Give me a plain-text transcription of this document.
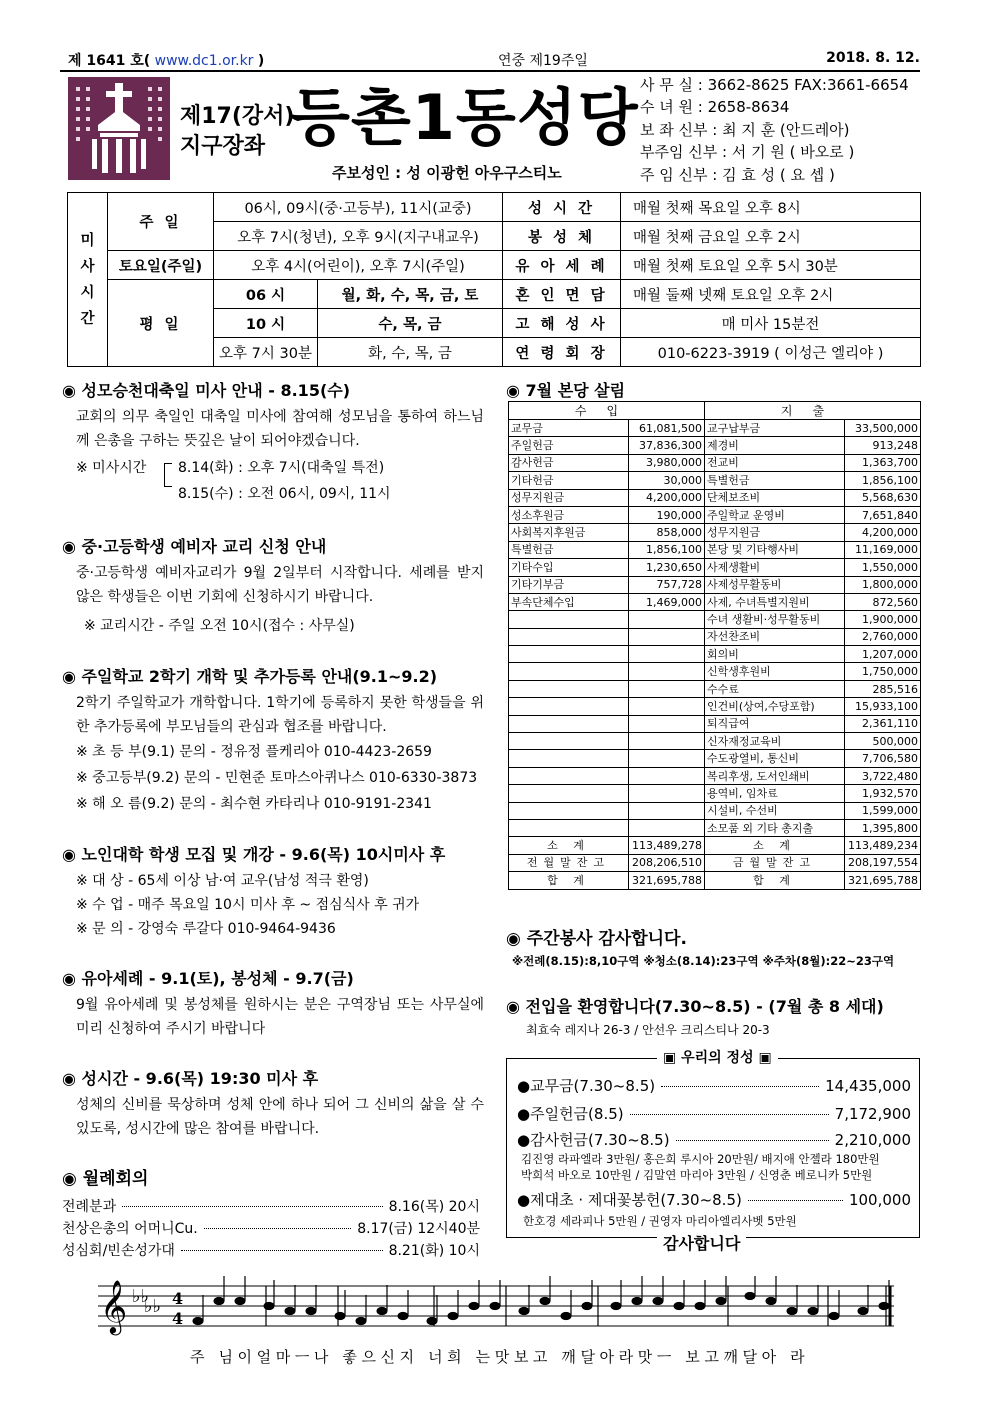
제 1641 호( www.dc1.or.kr )	연중 제19주일	2018. 8. 12.
제17(강서)
지구장좌 등촌1동성당
주보성인 : 성 이광헌 아우구스티노
사 무 실 : 3662-8625 FAX:3661-6654
수 녀 원 : 2658-8634
보 좌 신부 : 최 지 훈 (안드레아)
부주임 신부 : 서 기 원 ( 바오로 )
주 임 신부 : 김 효 성 ( 요 셉 )
미
사
시
간	주 일	06시, 09시(중·고등부), 11시(교중)		성 시 간	매월 첫째 목요일 오후 8시
		오후 7시(청년), 오후 9시(지구내교우)		봉 성 체	매월 첫째 금요일 오후 2시
	토요일(주일)	오후 4시(어린이), 오후 7시(주일)		유 아 세 례	매월 첫째 토요일 오후 5시 30분
	평 일	06 시	월, 화, 수, 목, 금, 토	혼 인 면 담	매월 둘째 넷째 토요일 오후 2시
		10 시	수, 목, 금	고 해 성 사	매 미사 15분전
		오후 7시 30분	화, 수, 목, 금	연 령 회 장	010-6223-3919 ( 이성근 엘리야 )
◉ 성모승천대축일 미사 안내 - 8.15(수)
교회의 의무 축일인 대축일 미사에 참여해 성모님을 통하여 하느님께 은총을 구하는 뜻깊은 날이 되어야겠습니다.
※ 미사시간 8.14(화) : 오후 7시(대축일 특전)
8.15(수) : 오전 06시, 09시, 11시
◉ 중·고등학생 예비자 교리 신청 안내
중·고등학생 예비자교리가 9월 2일부터 시작합니다. 세례를 받지 않은 학생들은 이번 기회에 신청하시기 바랍니다.
※ 교리시간 - 주일 오전 10시(접수 : 사무실)
◉ 주일학교 2학기 개학 및 추가등록 안내(9.1~9.2)
2학기 주일학교가 개학합니다. 1학기에 등록하지 못한 학생들을 위한 추가등록에 부모님들의 관심과 협조를 바랍니다.
※ 초 등 부(9.1) 문의 - 정유정 플케리아 010-4423-2659
※ 중고등부(9.2) 문의 - 민현준 토마스아퀴나스 010-6330-3873
※ 해 오 름(9.2) 문의 - 최수현 카타리나 010-9191-2341
◉ 노인대학 학생 모집 및 개강 - 9.6(목) 10시미사 후
※ 대 상 - 65세 이상 남·여 교우(남성 적극 환영)
※ 수 업 - 매주 목요일 10시 미사 후 ~ 점심식사 후 귀가
※ 문 의 - 강영숙 루갈다 010-9464-9436
◉ 유아세례 - 9.1(토), 봉성체 - 9.7(금)
9월 유아세례 및 봉성체를 원하시는 분은 구역장님 또는 사무실에 미리 신청하여 주시기 바랍니다
◉ 성시간 - 9.6(목) 19:30 미사 후
성체의 신비를 묵상하며 성체 안에 하나 되어 그 신비의 삶을 살 수 있도록, 성시간에 많은 참여를 바랍니다.
◉ 월례회의
전례분과	8.16(목) 20시
천상은총의 어머니Cu.	8.17(금) 12시40분
성심회/빈손성가대	8.21(화) 10시
◉ 7월 본당 살림
수입		지출	
교무금	61,081,500	교구납부금	33,500,000
주일헌금	37,836,300	제경비	913,248
감사헌금	3,980,000	전교비	1,363,700
기타헌금	30,000	특별헌금	1,856,100
성무지원금	4,200,000	단체보조비	5,568,630
성소후원금	190,000	주일학교 운영비	7,651,840
사회복지후원금	858,000	성무지원금	4,200,000
특별헌금	1,856,100	본당 및 기타행사비	11,169,000
기타수입	1,230,650	사제생활비	1,550,000
기타기부금	757,728	사제성무활동비	1,800,000
부속단체수입	1,469,000	사제, 수녀특별지원비	872,560
		수녀 생활비·성무활동비	1,900,000
		자선찬조비	2,760,000
		회의비	1,207,000
		신학생후원비	1,750,000
		수수료	285,516
		인건비(상여,수당포함)	15,933,100
		퇴직급여	2,361,110
		신자재정교육비	500,000
		수도광열비, 통신비	7,706,580
		복리후생, 도서인쇄비	3,722,480
		용역비, 임차료	1,932,570
		시설비, 수선비	1,599,000
		소모품 외 기타 총지출	1,395,800
소 계	113,489,278	소 계	113,489,234
전월말잔고	208,206,510	금월말잔고	208,197,554
합 계	321,695,788	합 계	321,695,788
◉ 주간봉사 감사합니다.
※전례(8.15):8,10구역 ※청소(8.14):23구역 ※주차(8월):22~23구역
◉ 전입을 환영합니다(7.30~8.5) - (7월 총 8 세대)
최효숙 레지나 26-3 / 안선우 크리스티나 20-3
▣ 우리의 정성 ▣
●교무금(7.30~8.5)	14,435,000
●주일헌금(8.5)	7,172,900
●감사헌금(7.30~8.5)	2,210,000
김진영 라파엘라 3만원/ 홍은희 루시아 20만원/ 배지애 안젤라 180만원
박희석 바오로 10만원 / 김말연 마리아 3만원 / 신영춘 베로니카 5만원
●제대초 · 제대꽃봉헌(7.30~8.5)	100,000
한호경 세라피나 5만원 / 권영자 마리아엘리사벳 5만원
감사합니다
𝄞 ♭♭
♭♭ 4
4
주 님이얼마ㅡ나 좋으신지 너희 는맛보고 깨달아라맛ㅡ 보고깨달아 라
